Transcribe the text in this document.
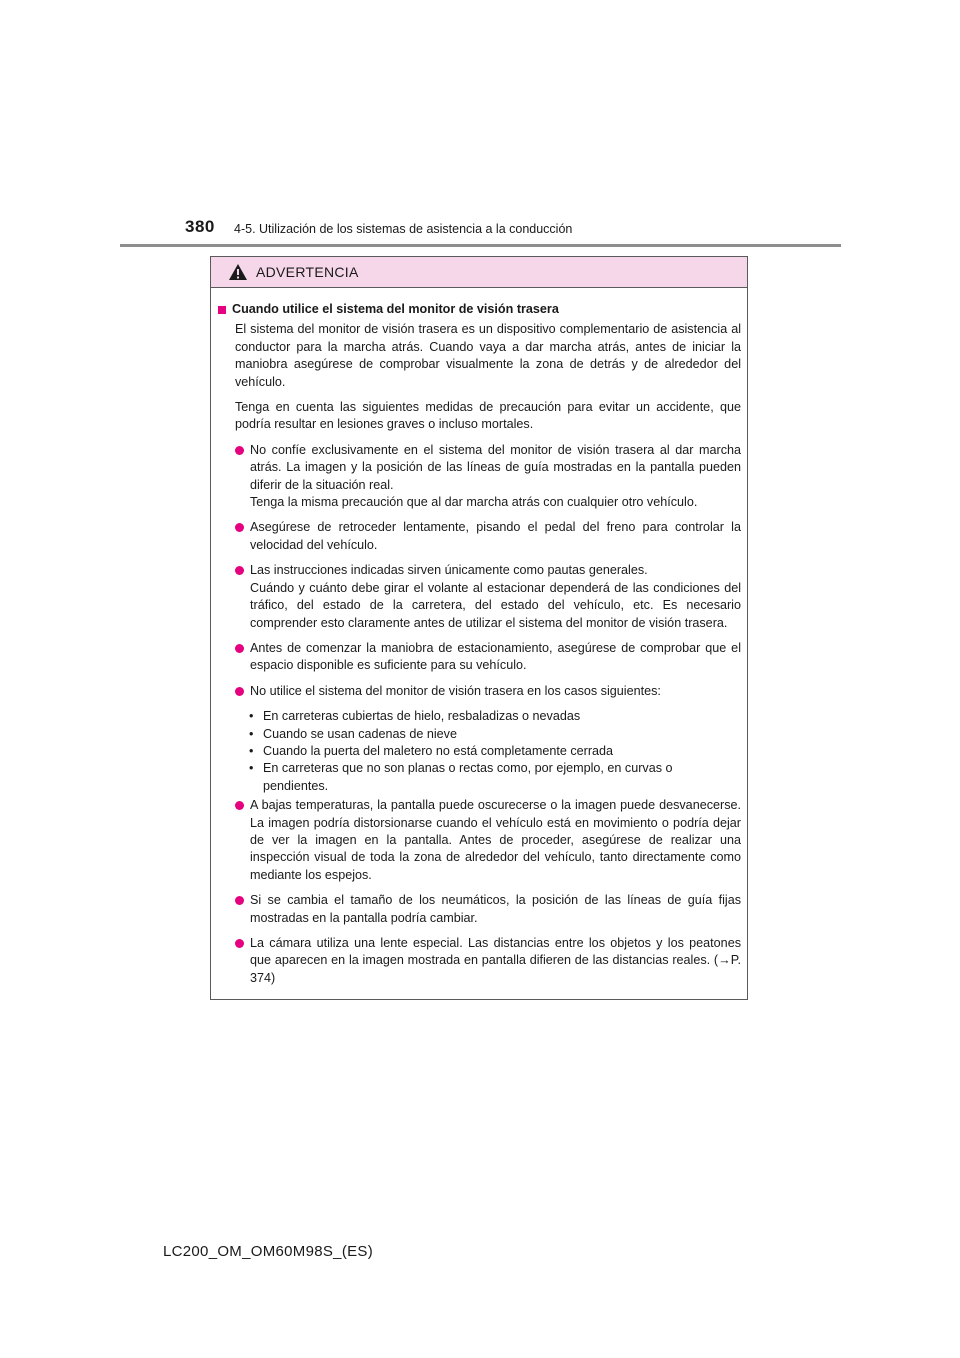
380 4-5. Utilización de los sistemas de asistencia a la conducción
ADVERTENCIA
Cuando utilice el sistema del monitor de visión trasera

El sistema del monitor de visión trasera es un dispositivo complementario de asistencia al conductor para la marcha atrás. Cuando vaya a dar marcha atrás, antes de iniciar la maniobra asegúrese de comprobar visualmente la zona de detrás y de alrededor del vehículo.

Tenga en cuenta las siguientes medidas de precaución para evitar un accidente, que podría resultar en lesiones graves o incluso mortales.

No confíe exclusivamente en el sistema del monitor de visión trasera al dar marcha atrás. La imagen y la posición de las líneas de guía mostradas en la pantalla pueden diferir de la situación real.
Tenga la misma precaución que al dar marcha atrás con cualquier otro vehículo.
Asegúrese de retroceder lentamente, pisando el pedal del freno para controlar la velocidad del vehículo.
Las instrucciones indicadas sirven únicamente como pautas generales.
Cuándo y cuánto debe girar el volante al estacionar dependerá de las condiciones del tráfico, del estado de la carretera, del estado del vehículo, etc. Es necesario comprender esto claramente antes de utilizar el sistema del monitor de visión trasera.
Antes de comenzar la maniobra de estacionamiento, asegúrese de comprobar que el espacio disponible es suficiente para su vehículo.
No utilice el sistema del monitor de visión trasera en los casos siguientes:
• En carreteras cubiertas de hielo, resbaladizas o nevadas
• Cuando se usan cadenas de nieve
• Cuando la puerta del maletero no está completamente cerrada
• En carreteras que no son planas o rectas como, por ejemplo, en curvas o pendientes.
A bajas temperaturas, la pantalla puede oscurecerse o la imagen puede desvanecerse. La imagen podría distorsionarse cuando el vehículo está en movimiento o podría dejar de ver la imagen en la pantalla. Antes de proceder, asegúrese de realizar una inspección visual de toda la zona de alrededor del vehículo, tanto directamente como mediante los espejos.
Si se cambia el tamaño de los neumáticos, la posición de las líneas de guía fijas mostradas en la pantalla podría cambiar.
La cámara utiliza una lente especial. Las distancias entre los objetos y los peatones que aparecen en la imagen mostrada en pantalla difieren de las distancias reales. (→P. 374)
LC200_OM_OM60M98S_(ES)
